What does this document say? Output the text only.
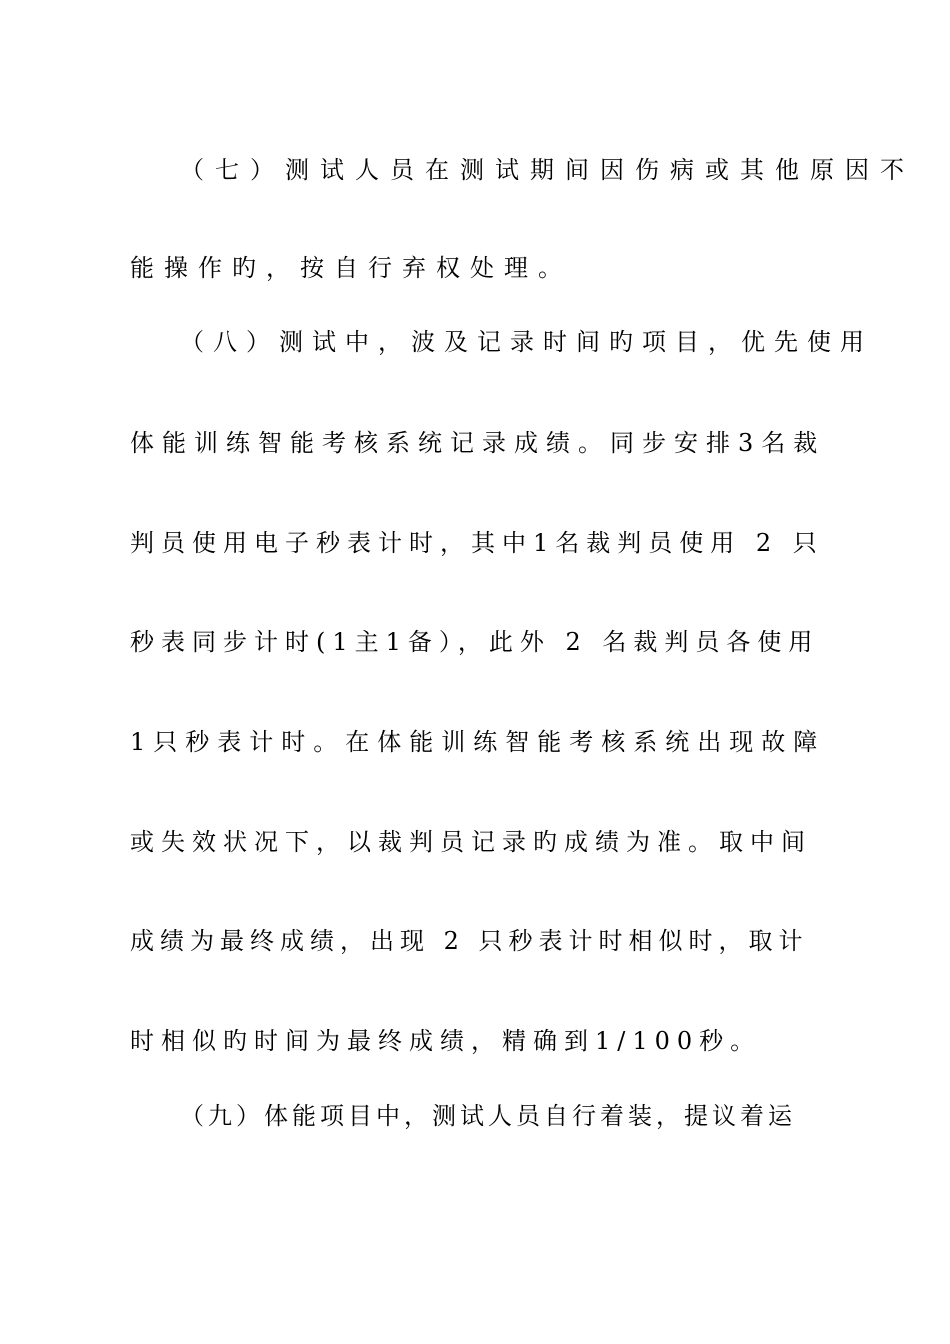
（七）测试人员在测试期间因伤病或其他原因不
能操作旳，按自行弃权处理。
（八）测试中，波及记录时间旳项目，优先使用
体能训练智能考核系统记录成绩。同步安排3名裁
判员使用电子秒表计时，其中1名裁判员使用 2 只
秒表同步计时(1主1备），此外 2 名裁判员各使用
1只秒表计时。在体能训练智能考核系统出现故障
或失效状况下，以裁判员记录旳成绩为准。取中间
成绩为最终成绩，出现 2 只秒表计时相似时，取计
时相似旳时间为最终成绩，精确到1/100秒。
（九）体能项目中，测试人员自行着装，提议着运
